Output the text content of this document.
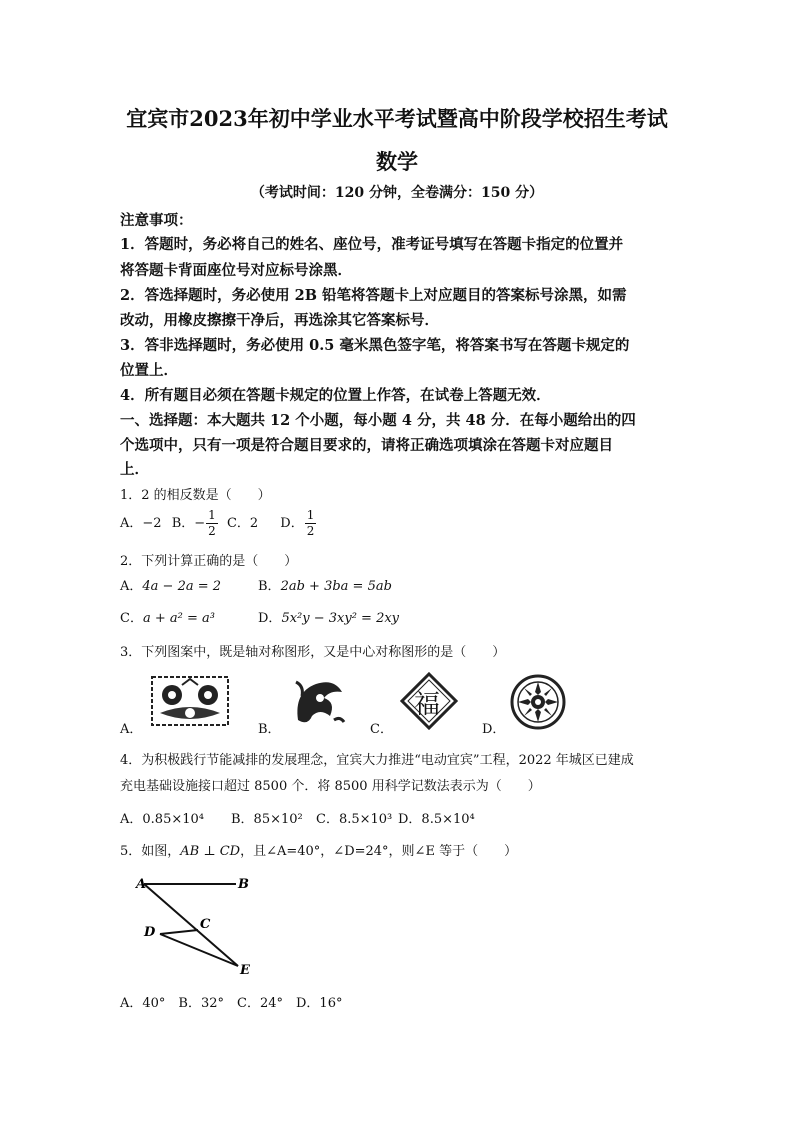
宜宾市2023年初中学业水平考试暨高中阶段学校招生考试
数学
（考试时间：120 分钟，全卷满分：150 分）
注意事项：
1．答题时，务必将自己的姓名、座位号，准考证号填写在答题卡指定的位置并
将答题卡背面座位号对应标号涂黑．
2．答选择题时，务必使用 2B 铅笔将答题卡上对应题目的答案标号涂黑，如需
改动，用橡皮擦擦干净后，再选涂其它答案标号．
3．答非选择题时，务必使用 0.5 毫米黑色签字笔，将答案书写在答题卡规定的
位置上．
4．所有题目必须在答题卡规定的位置上作答，在试卷上答题无效．
一、选择题：本大题共 12 个小题，每小题 4 分，共 48 分．在每小题给出的四
个选项中，只有一项是符合题目要求的，请将正确选项填涂在答题卡对应题目
上．
1．2 的相反数是（　　）
A．−2 B．− $\frac{1}{2}$ C．2 D． $\frac{1}{2}$
2．下列计算正确的是（　　）
A．4a − 2a = 2	B．2ab + 3ba = 5ab
C．a + a² = a³	D．5x²y − 3xy² = 2xy
3．下列图案中，既是轴对称图形，又是中心对称图形的是（　　）
A．	B．	C．
福
D．
4．为积极践行节能减排的发展理念，宜宾大力推进“电动宜宾”工程，2022 年城区已建成
充电基础设施接口超过 8500 个．将 8500 用科学记数法表示为（　　）
A．0.85×10⁴ B．85×10² C．8.5×10³ D．8.5×10⁴
5．如图，AB ⊥ CD，且∠A=40°，∠D=24°，则∠E 等于（　　）
A	B
C
D
E
A．40°　B．32°　C．24°　D．16°
